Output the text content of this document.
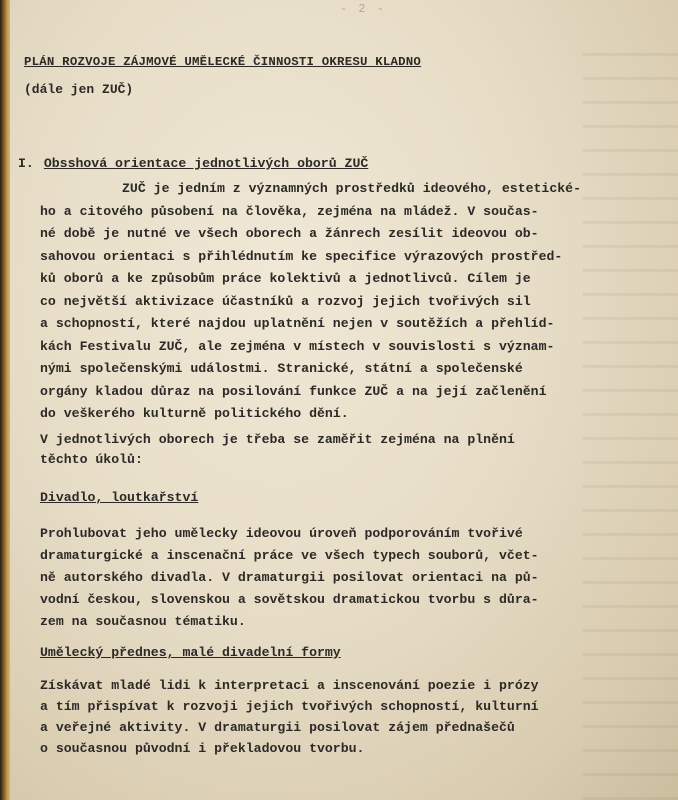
- 2 -
PLÁN ROZVOJE ZÁJMOVÉ UMĚLECKÉ ČINNOSTI OKRESU KLADNO
(dále jen ZUČ)
I. Obsshová orientace jednotlivých oborů ZUČ
ZUČ je jedním z významných prostředků ideového, estetické-
ho a citového působení na člověka, zejména na mládež. V součas-
né době je nutné ve všech oborech a žánrech zesílit ideovou ob-
sahovou orientaci s přihlédnutím ke specifice výrazových prostřed-
ků oborů a ke způsobům práce kolektivů a jednotlivců. Cílem je
co největší aktivizace účastníků a rozvoj jejich tvořivých sil
a schopností, které najdou uplatnění nejen v soutěžích a přehlíd-
kách Festivalu ZUČ, ale zejména v místech v souvislosti s význam-
nými společenskými událostmi. Stranické, státní a společenské
orgány kladou důraz na posilování funkce ZUČ a na její začlenění
do veškerého kulturně politického dění.
V jednotlivých oborech je třeba se zaměřit zejména na plnění
těchto úkolů:
Divadlo, loutkařství
Prohlubovat jeho umělecky ideovou úroveň podporováním tvořivé
dramaturgické a inscenační práce ve všech typech souborů, včet-
ně autorského divadla. V dramaturgii posilovat orientaci na pů-
vodní českou, slovenskou a sovětskou dramatickou tvorbu s důra-
zem na současnou tématiku.
Umělecký přednes, malé divadelní formy
Získávat mladé lidi k interpretaci a inscenování poezie i prózy
a tím přispívat k rozvoji jejich tvořivých schopností, kulturní
a veřejné aktivity. V dramaturgii posilovat zájem přednašečů
o současnou původní i překladovou tvorbu.
